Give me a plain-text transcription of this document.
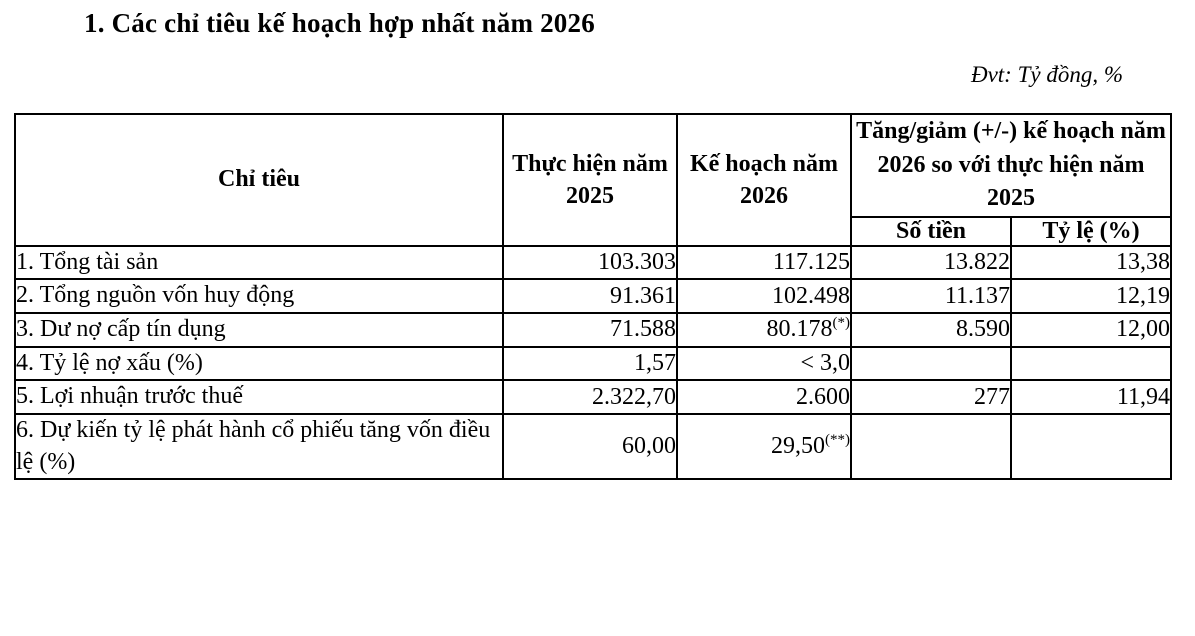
1. Các chỉ tiêu kế hoạch hợp nhất năm 2026
Đvt: Tỷ đồng, %
Chỉ tiêu	Thực hiện năm 2025	Kế hoạch năm 2026	Tăng/giảm (+/-) kế hoạch năm 2026 so với thực hiện năm 2025	
			Số tiền	Tỷ lệ (%)
1. Tổng tài sản	103.303	117.125	13.822	13,38
2. Tổng nguồn vốn huy động	91.361	102.498	11.137	12,19
3. Dư nợ cấp tín dụng	71.588	80.178(*)	8.590	12,00
4. Tỷ lệ nợ xấu (%)	1,57	< 3,0		
5. Lợi nhuận trước thuế	2.322,70	2.600	277	11,94
6. Dự kiến tỷ lệ phát hành cổ phiếu tăng vốn điều lệ (%)	60,00	29,50(**)		
